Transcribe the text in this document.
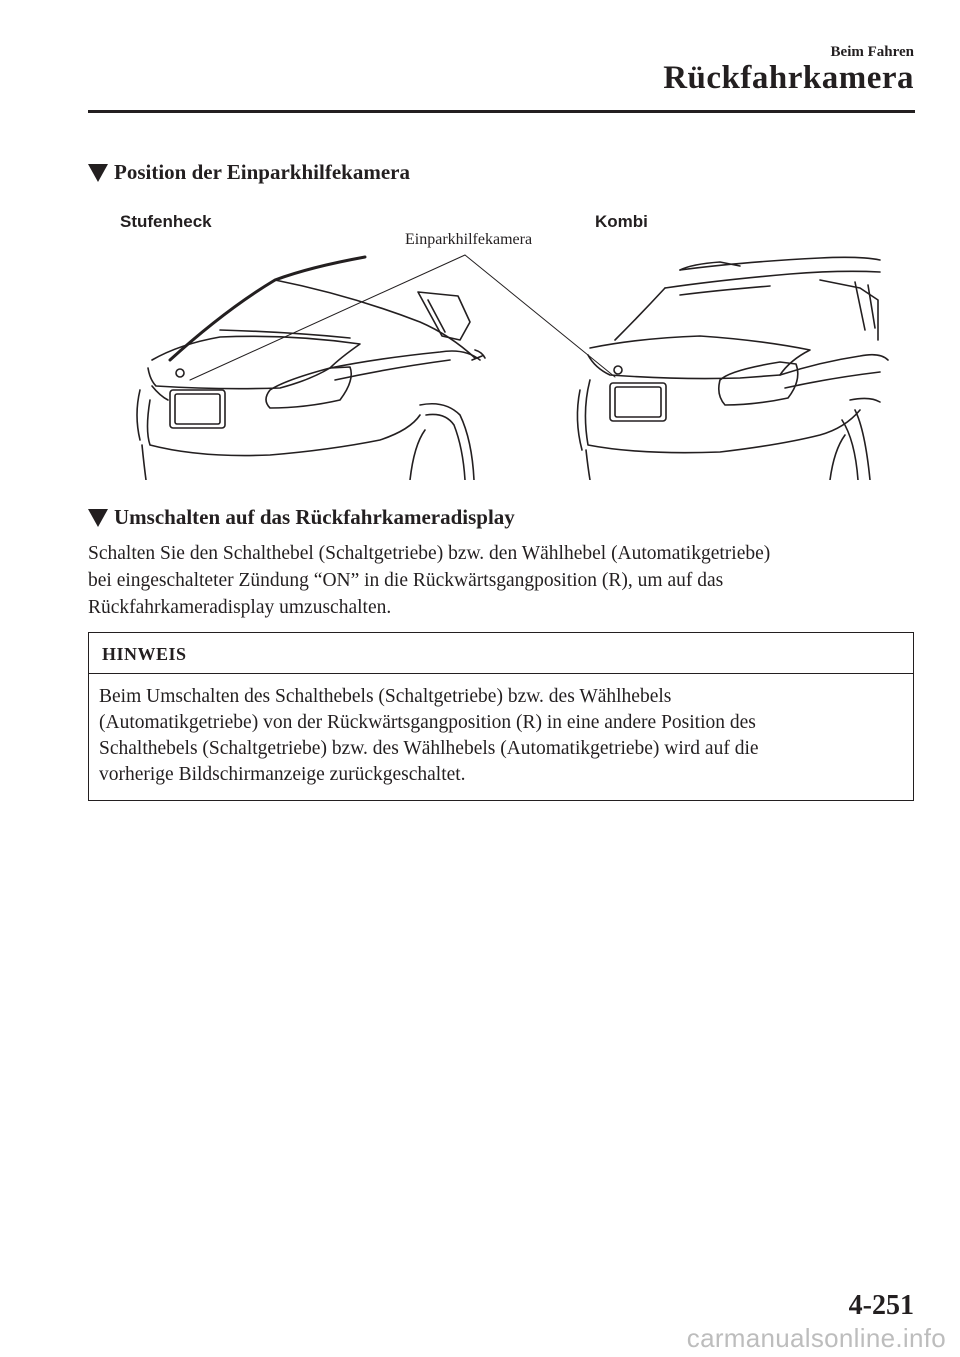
Beim Fahren
Rückfahrkamera
Position der Einparkhilfekamera
Stufenheck	Kombi
Einparkhilfekamera
Umschalten auf das Rückfahrkameradisplay

Schalten Sie den Schalthebel (Schaltgetriebe) bzw. den Wählhebel (Automatikgetriebe)

bei eingeschalteter Zündung “ON” in die Rückwärtsgangposition (R), um auf das

Rückfahrkameradisplay umzuschalten.

HINWEIS
Beim Umschalten des Schalthebels (Schaltgetriebe) bzw. des Wählhebels
(Automatikgetriebe) von der Rückwärtsgangposition (R) in eine andere Position des
Schalthebels (Schaltgetriebe) bzw. des Wählhebels (Automatikgetriebe) wird auf die
vorherige Bildschirmanzeige zurückgeschaltet.
4-251
carmanualsonline.info
